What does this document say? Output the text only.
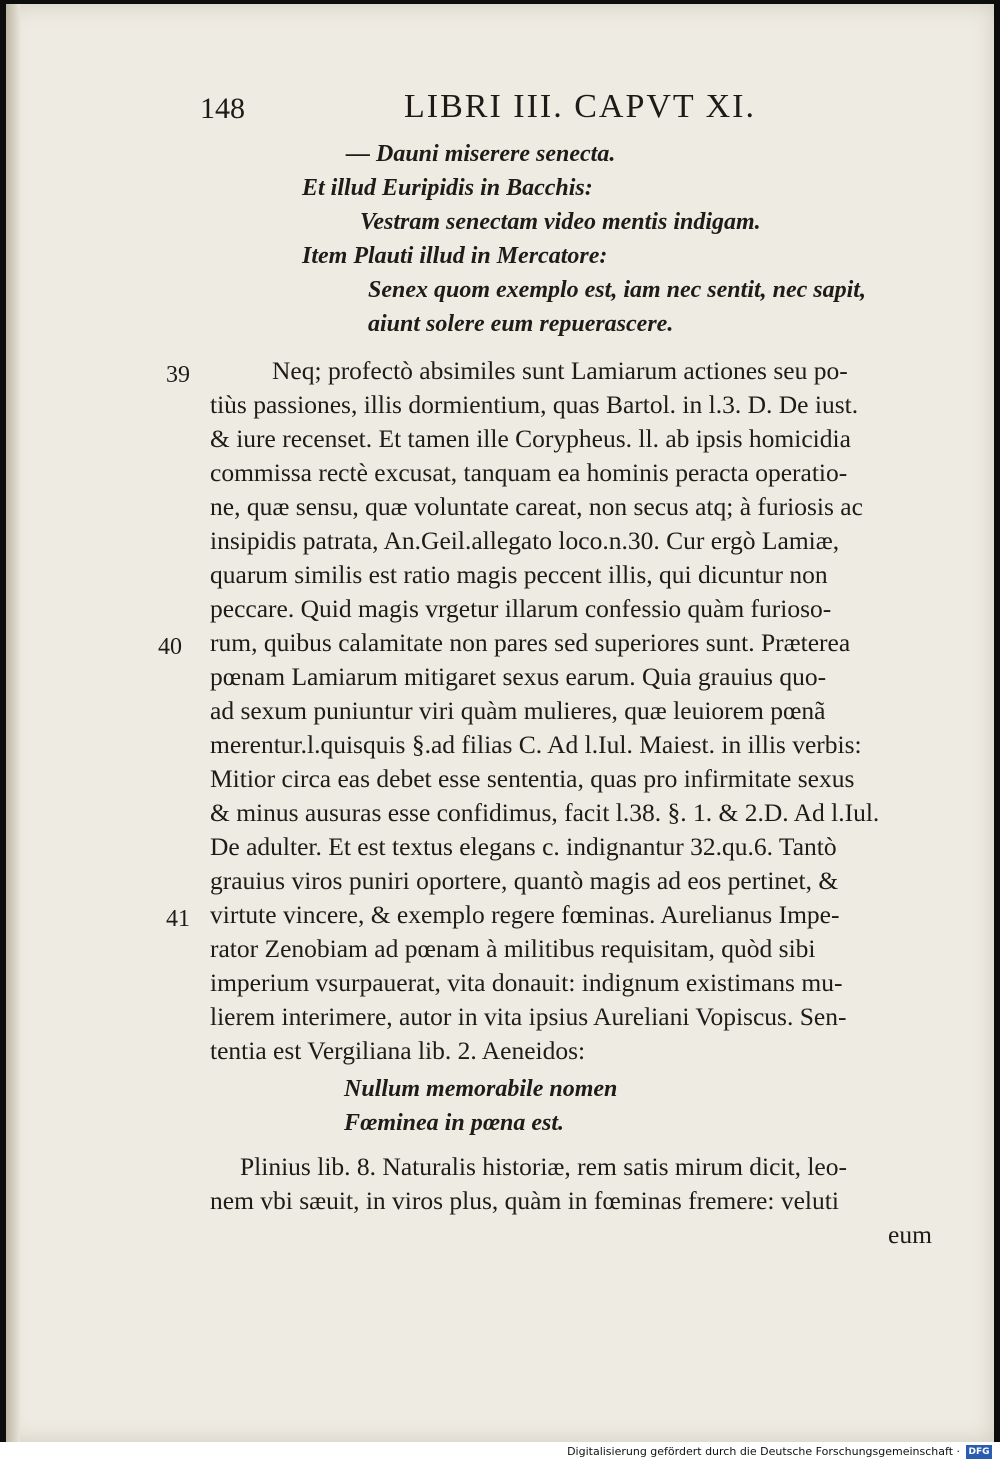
148	LIBRI III. CAPVT XI.
— Dauni miserere senecta.
Et illud Euripidis in Bacchis:
Vestram senectam video mentis indigam.
Item Plauti illud in Mercatore:
Senex quom exemplo est, iam nec sentit, nec sapit,
aiunt solere eum repuerascere.
39
40
41
Neq; profectò absimiles sunt Lamiarum actiones seu po-
tiùs passiones, illis dormientium, quas Bartol. in l.3. D. De iust.
& iure recenset. Et tamen ille Corypheus. ll. ab ipsis homicidia
commissa rectè excusat, tanquam ea hominis peracta operatio-
ne, quæ sensu, quæ voluntate careat, non secus atq; à furiosis ac
insipidis patrata, An.Geil.allegato loco.n.30. Cur ergò Lamiæ,
quarum similis est ratio magis peccent illis, qui dicuntur non
peccare. Quid magis vrgetur illarum confessio quàm furioso-
rum, quibus calamitate non pares sed superiores sunt. Præterea
pœnam Lamiarum mitigaret sexus earum. Quia grauius quo-
ad sexum puniuntur viri quàm mulieres, quæ leuiorem pœnã
merentur.l.quisquis §.ad filias C. Ad l.Iul. Maiest. in illis verbis:
Mitior circa eas debet esse sententia, quas pro infirmitate sexus
& minus ausuras esse confidimus, facit l.38. §. 1. & 2.D. Ad l.Iul.
De adulter. Et est textus elegans c. indignantur 32.qu.6. Tantò
grauius viros puniri oportere, quantò magis ad eos pertinet, &
virtute vincere, & exemplo regere fœminas. Aurelianus Impe-
rator Zenobiam ad pœnam à militibus requisitam, quòd sibi
imperium vsurpauerat, vita donauit: indignum existimans mu-
lierem interimere, autor in vita ipsius Aureliani Vopiscus. Sen-
tentia est Vergiliana lib. 2. Aeneidos:
Nullum memorabile nomen
Fœminea in pœna est.
Plinius lib. 8. Naturalis historiæ, rem satis mirum dicit, leo-
nem vbi sæuit, in viros plus, quàm in fœminas fremere: veluti
eum
Digitalisierung gefördert durch die Deutsche Forschungsgemeinschaft · DFG
